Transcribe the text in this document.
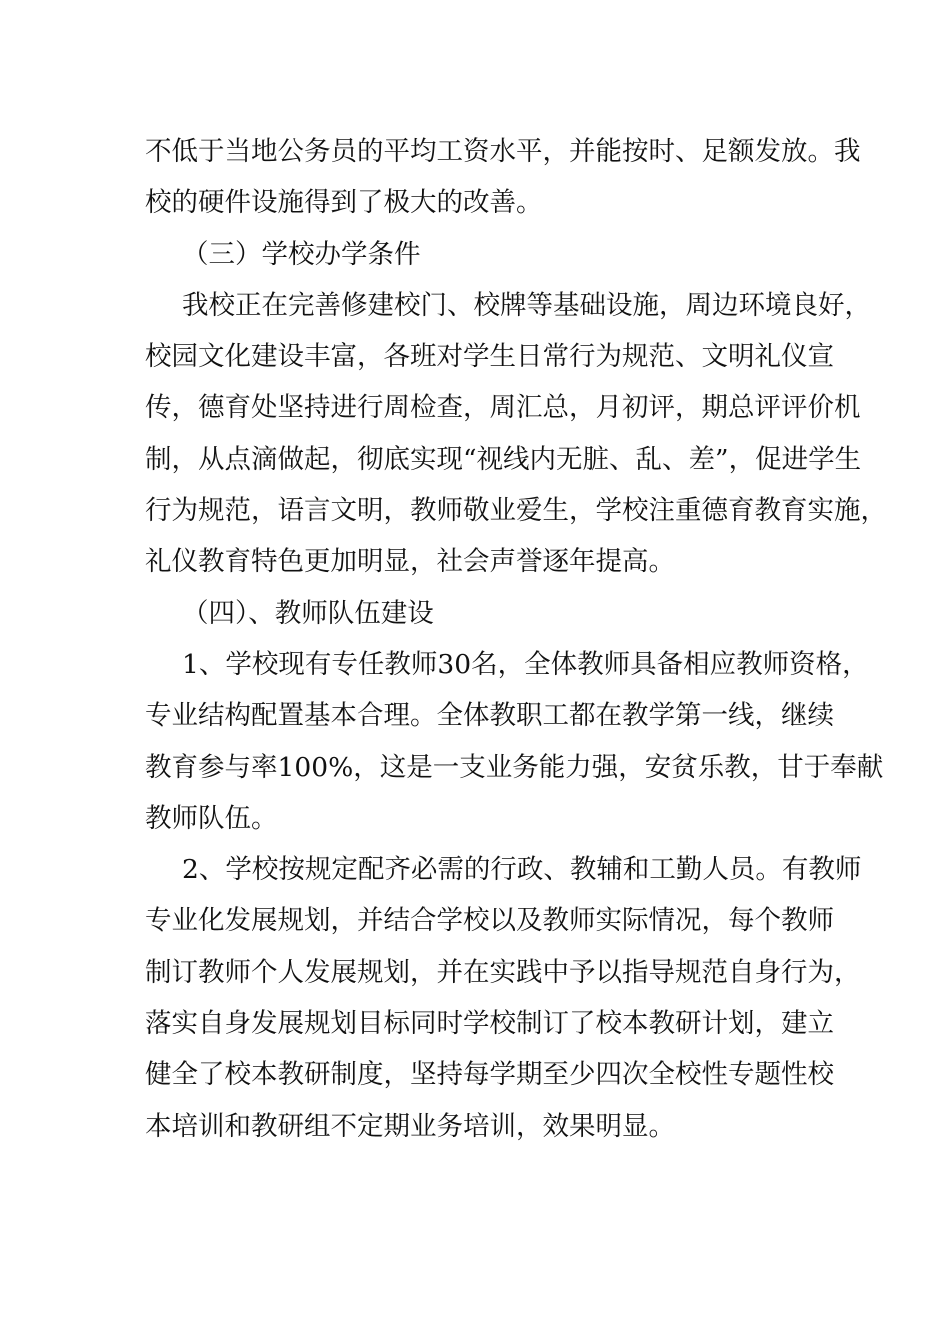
不低于当地公务员的平均工资水平，并能按时、足额发放。我
校的硬件设施得到了极大的改善。
（三）学校办学条件
我校正在完善修建校门、校牌等基础设施，周边环境良好，
校园文化建设丰富，各班对学生日常行为规范、文明礼仪宣
传，德育处坚持进行周检查，周汇总，月初评，期总评评价机
制，从点滴做起，彻底实现“视线内无脏、乱、差”，促进学生
行为规范，语言文明，教师敬业爱生，学校注重德育教育实施，
礼仪教育特色更加明显，社会声誉逐年提高。
（四）、教师队伍建设
1、学校现有专任教师30名，全体教师具备相应教师资格，
专业结构配置基本合理。全体教职工都在教学第一线，继续
教育参与率100%，这是一支业务能力强，安贫乐教，甘于奉献
教师队伍。
2、学校按规定配齐必需的行政、教辅和工勤人员。有教师
专业化发展规划，并结合学校以及教师实际情况，每个教师
制订教师个人发展规划，并在实践中予以指导规范自身行为，
落实自身发展规划目标同时学校制订了校本教研计划，建立
健全了校本教研制度，坚持每学期至少四次全校性专题性校
本培训和教研组不定期业务培训，效果明显。
